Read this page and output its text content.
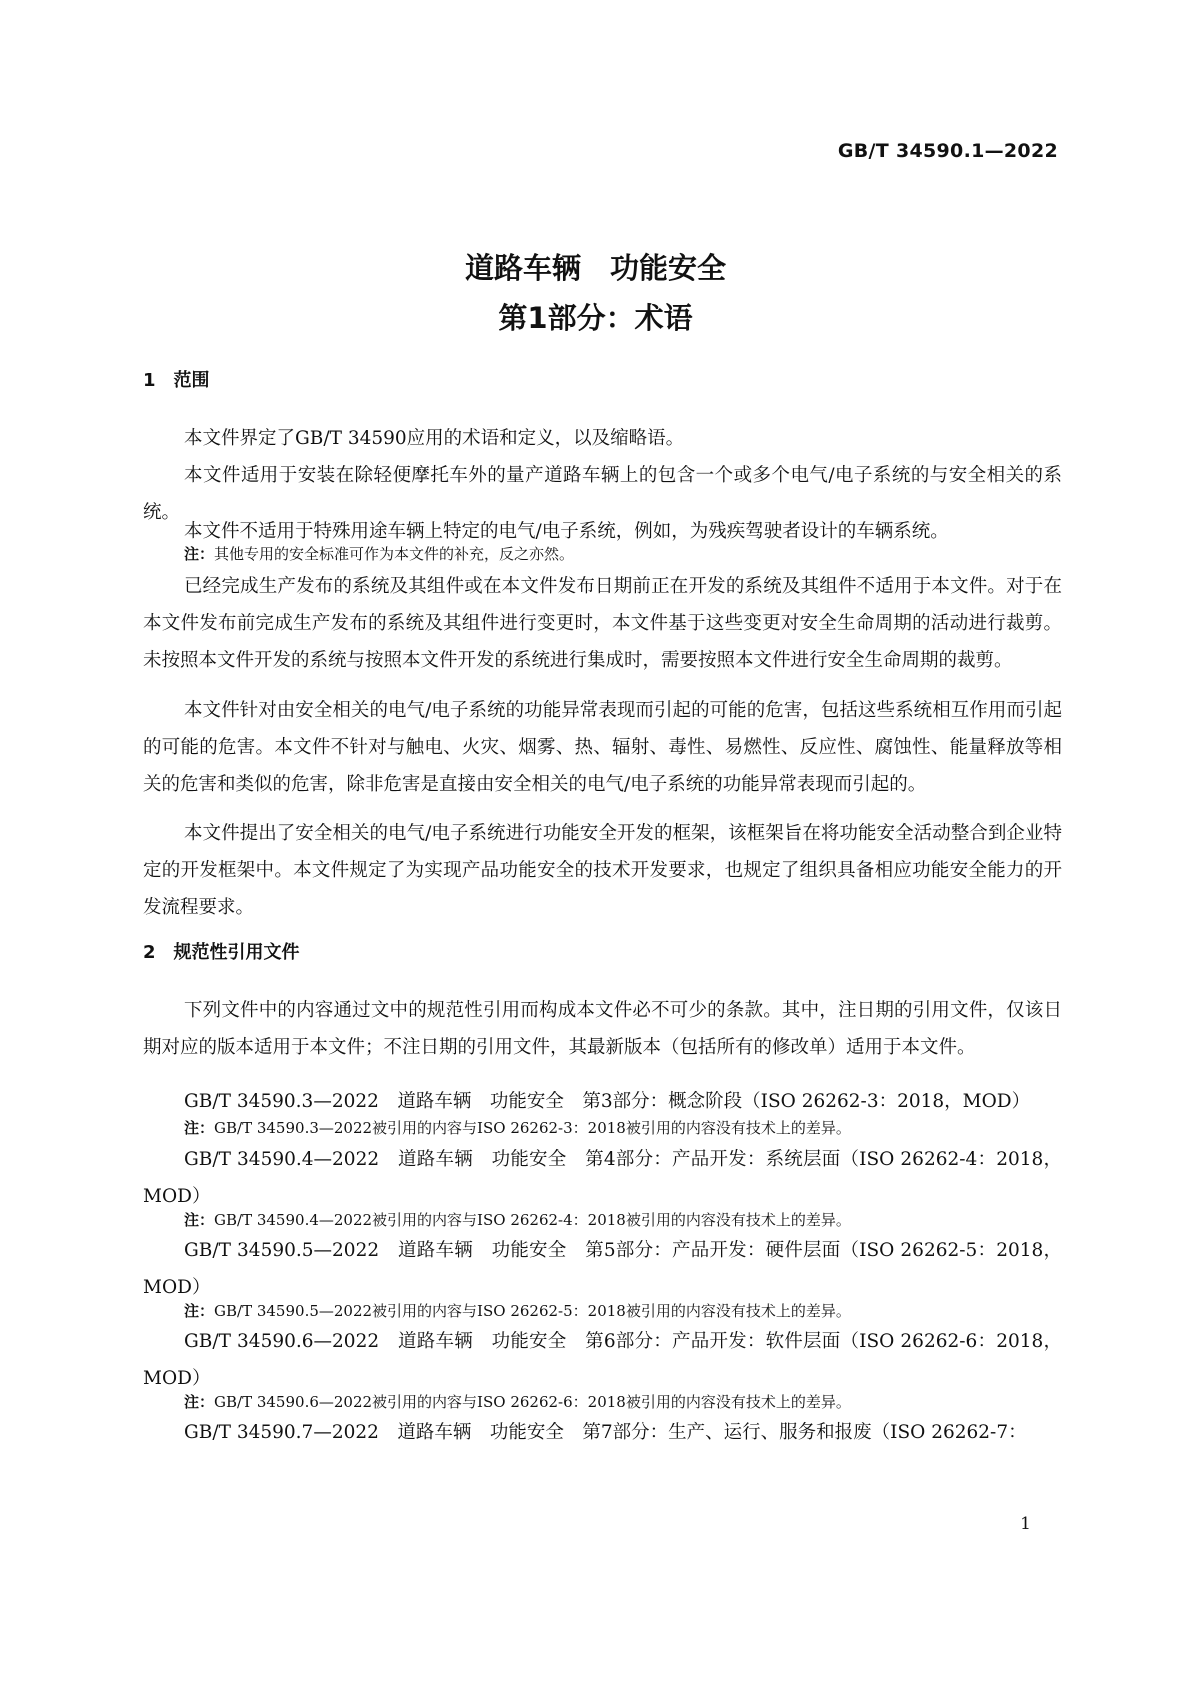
GB/T 34590.1—2022
道路车辆　功能安全
第1部分：术语
1　范围
本文件界定了GB/T 34590应用的术语和定义，以及缩略语。
本文件适用于安装在除轻便摩托车外的量产道路车辆上的包含一个或多个电气/电子系统的与安全相关的系统。
本文件不适用于特殊用途车辆上特定的电气/电子系统，例如，为残疾驾驶者设计的车辆系统。
注：其他专用的安全标准可作为本文件的补充，反之亦然。
已经完成生产发布的系统及其组件或在本文件发布日期前正在开发的系统及其组件不适用于本文件。对于在本文件发布前完成生产发布的系统及其组件进行变更时，本文件基于这些变更对安全生命周期的活动进行裁剪。未按照本文件开发的系统与按照本文件开发的系统进行集成时，需要按照本文件进行安全生命周期的裁剪。
本文件针对由安全相关的电气/电子系统的功能异常表现而引起的可能的危害，包括这些系统相互作用而引起的可能的危害。本文件不针对与触电、火灾、烟雾、热、辐射、毒性、易燃性、反应性、腐蚀性、能量释放等相关的危害和类似的危害，除非危害是直接由安全相关的电气/电子系统的功能异常表现而引起的。
本文件提出了安全相关的电气/电子系统进行功能安全开发的框架，该框架旨在将功能安全活动整合到企业特定的开发框架中。本文件规定了为实现产品功能安全的技术开发要求，也规定了组织具备相应功能安全能力的开发流程要求。
2　规范性引用文件
下列文件中的内容通过文中的规范性引用而构成本文件必不可少的条款。其中，注日期的引用文件，仅该日期对应的版本适用于本文件；不注日期的引用文件，其最新版本（包括所有的修改单）适用于本文件。
GB/T 34590.3—2022　道路车辆　功能安全　第3部分：概念阶段（ISO 26262-3：2018，MOD）
注：GB/T 34590.3—2022被引用的内容与ISO 26262-3：2018被引用的内容没有技术上的差异。
GB/T 34590.4—2022　道路车辆　功能安全　第4部分：产品开发：系统层面（ISO 26262-4：2018，MOD）
注：GB/T 34590.4—2022被引用的内容与ISO 26262-4：2018被引用的内容没有技术上的差异。
GB/T 34590.5—2022　道路车辆　功能安全　第5部分：产品开发：硬件层面（ISO 26262-5：2018，MOD）
注：GB/T 34590.5—2022被引用的内容与ISO 26262-5：2018被引用的内容没有技术上的差异。
GB/T 34590.6—2022　道路车辆　功能安全　第6部分：产品开发：软件层面（ISO 26262-6：2018，MOD）
注：GB/T 34590.6—2022被引用的内容与ISO 26262-6：2018被引用的内容没有技术上的差异。
GB/T 34590.7—2022　道路车辆　功能安全　第7部分：生产、运行、服务和报废（ISO 26262-7：
1
